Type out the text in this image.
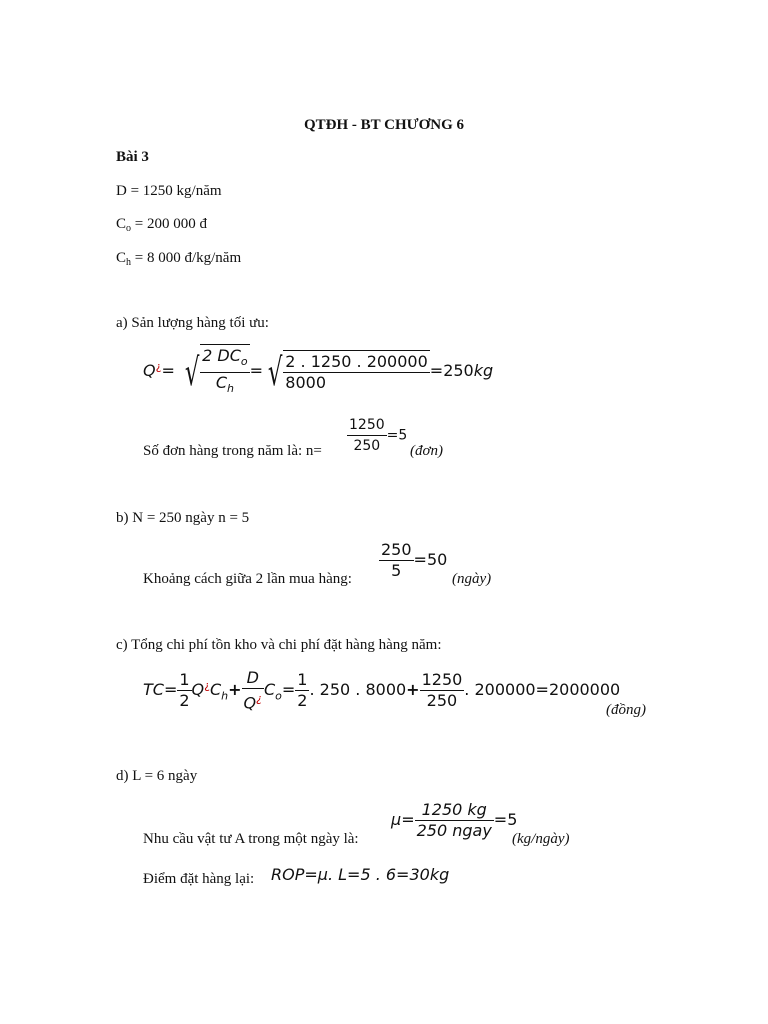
QTĐH - BT CHƯƠNG 6
Bài 3
D = 1250 kg/năm
$C_o = 200$ 000 đ
$C_h = 8$ 000 đ/kg/năm
a) Sản lượng hàng tối ưu:
Q¿= √ $\frac{2 DC_o}{C_h}$ = √ $\frac{2 . 1250 . 200000}{8000} =250kg$
Số đơn hàng trong năm là: $n= \frac{1250}{250} =5$
(đơn)
b) N = 250 ngày n = 5
Khoảng cách giữa 2 lần mua hàng: $\frac{250}{5} =50$
(ngày)
c) Tổng chi phí tồn kho và chi phí đặt hàng hàng năm:
$TC= \frac{1}{2} Q^¿C_h+ \frac{D}{Q^¿} C_o= \frac{1}{2}$ . 250 . $8000+ \frac{1250}{250}$ . 200000=2000000
(đồng)
d) L = 6 ngày
Nhu cầu vật tư A trong một ngày là:
$\mu= \frac{1250 kg}{\text{250 ngay}} =5$
(kg/ngày)
Điểm đặt hàng lại: ROP=μ. L=5 . 6=30kg
